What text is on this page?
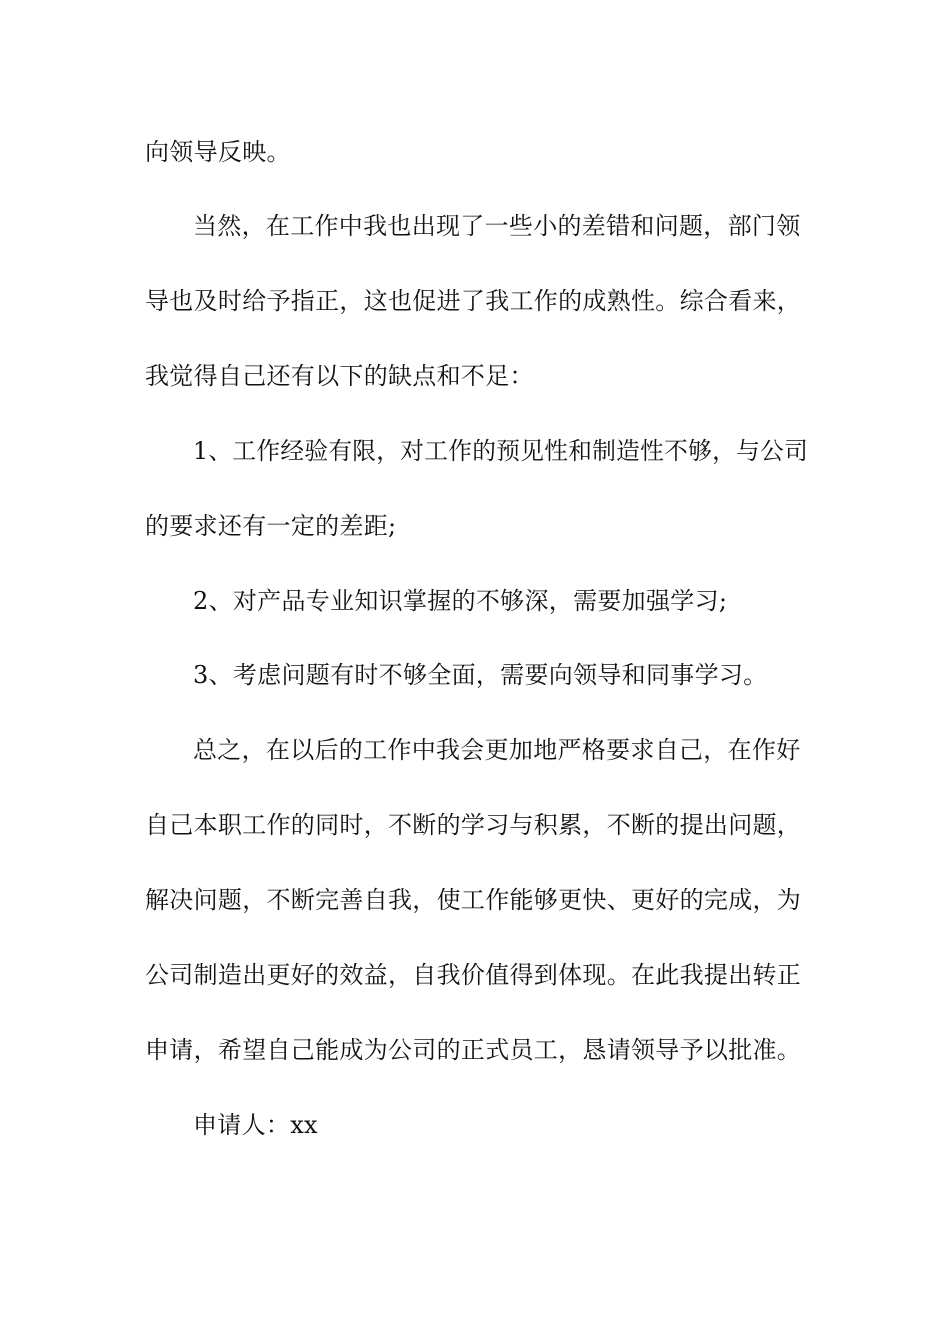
向领导反映。
当然，在工作中我也出现了一些小的差错和问题，部门领
导也及时给予指正，这也促进了我工作的成熟性。综合看来，
我觉得自己还有以下的缺点和不足：
1、工作经验有限，对工作的预见性和制造性不够，与公司
的要求还有一定的差距;
2、对产品专业知识掌握的不够深，需要加强学习;
3、考虑问题有时不够全面，需要向领导和同事学习。
总之，在以后的工作中我会更加地严格要求自己，在作好
自己本职工作的同时，不断的学习与积累，不断的提出问题，
解决问题，不断完善自我，使工作能够更快、更好的完成，为
公司制造出更好的效益，自我价值得到体现。在此我提出转正
申请，希望自己能成为公司的正式员工，恳请领导予以批准。
申请人：xx
